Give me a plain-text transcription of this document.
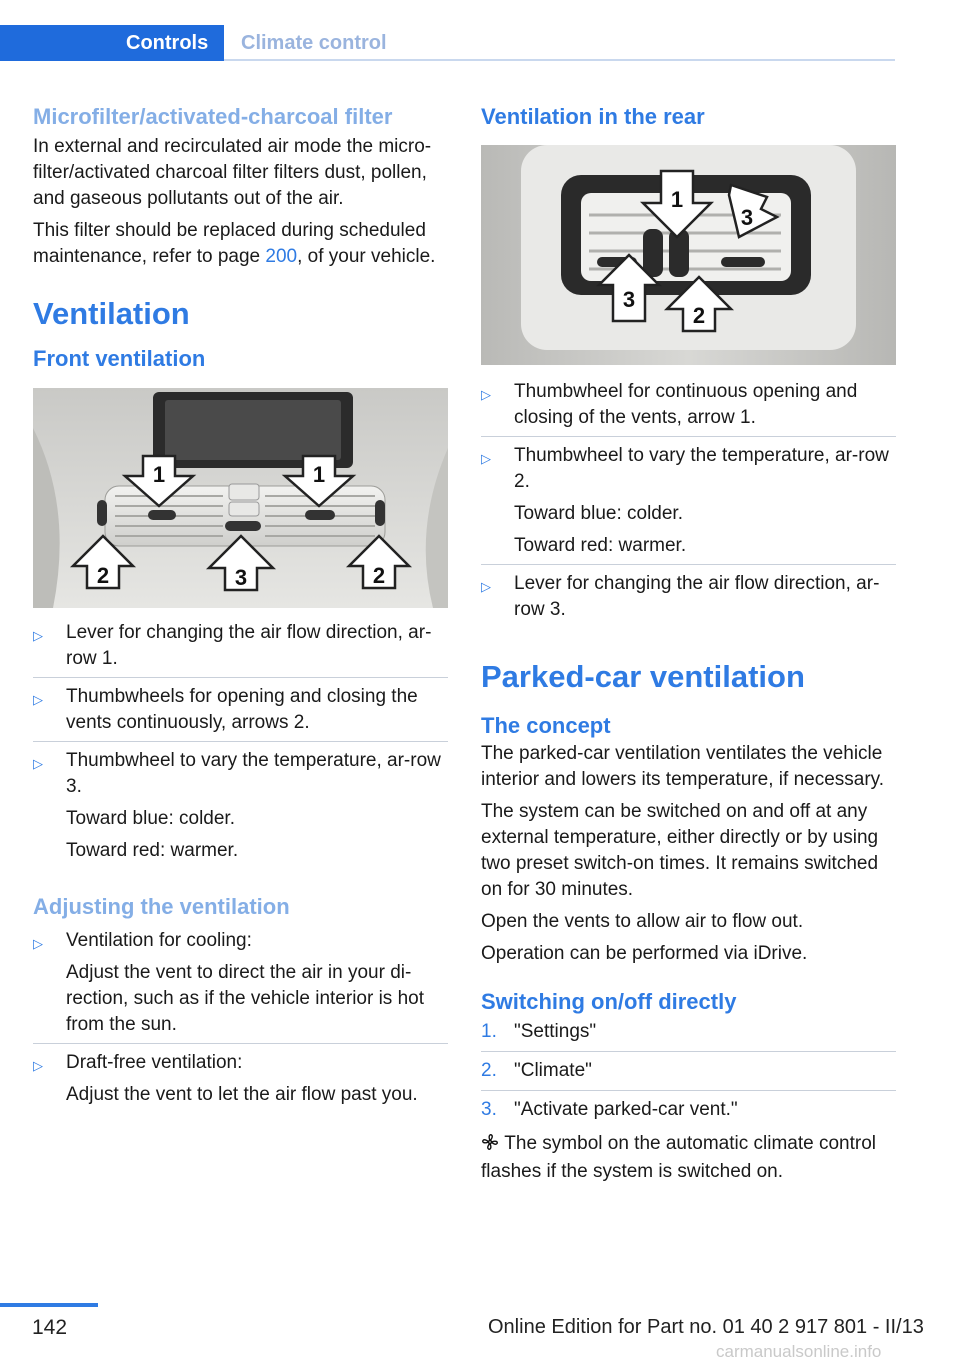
Controls	Climate control
Microfilter/activated-charcoal filter

In external and recirculated air mode the micro-filter/activated charcoal filter filters dust, pollen, and gaseous pollutants out of the air.

This filter should be replaced during scheduled maintenance, refer to page 200, of your vehicle.

Ventilation
Front ventilation
1	1
2	3	2
▷ Lever for changing the air flow direction, ar-row 1.
▷ Thumbwheels for opening and closing the vents continuously, arrows 2.
▷ Thumbwheel to vary the temperature, ar-row 3.
Toward blue: colder.
Toward red: warmer.
Adjusting the ventilation
▷ Ventilation for cooling:
Adjust the vent to direct the air in your di-rection, such as if the vehicle interior is hot from the sun.
▷ Draft-free ventilation:
Adjust the vent to let the air flow past you.
Ventilation in the rear
1
3
3
2
▷ Thumbwheel for continuous opening and closing of the vents, arrow 1.
▷ Thumbwheel to vary the temperature, ar-row 2.
Toward blue: colder.
Toward red: warmer.
▷ Lever for changing the air flow direction, ar-row 3.
Parked-car ventilation
The concept

The parked-car ventilation ventilates the vehicle interior and lowers its temperature, if necessary.

The system can be switched on and off at any external temperature, either directly or by using two preset switch-on times. It remains switched on for 30 minutes.

Open the vents to allow air to flow out.

Operation can be performed via iDrive.

Switching on/off directly
1. "Settings"
2. "Climate"
3. "Activate parked-car vent."

The symbol on the automatic climate control flashes if the system is switched on.

142	Online Edition for Part no. 01 40 2 917 801 - II/13
carmanualsonline.info
